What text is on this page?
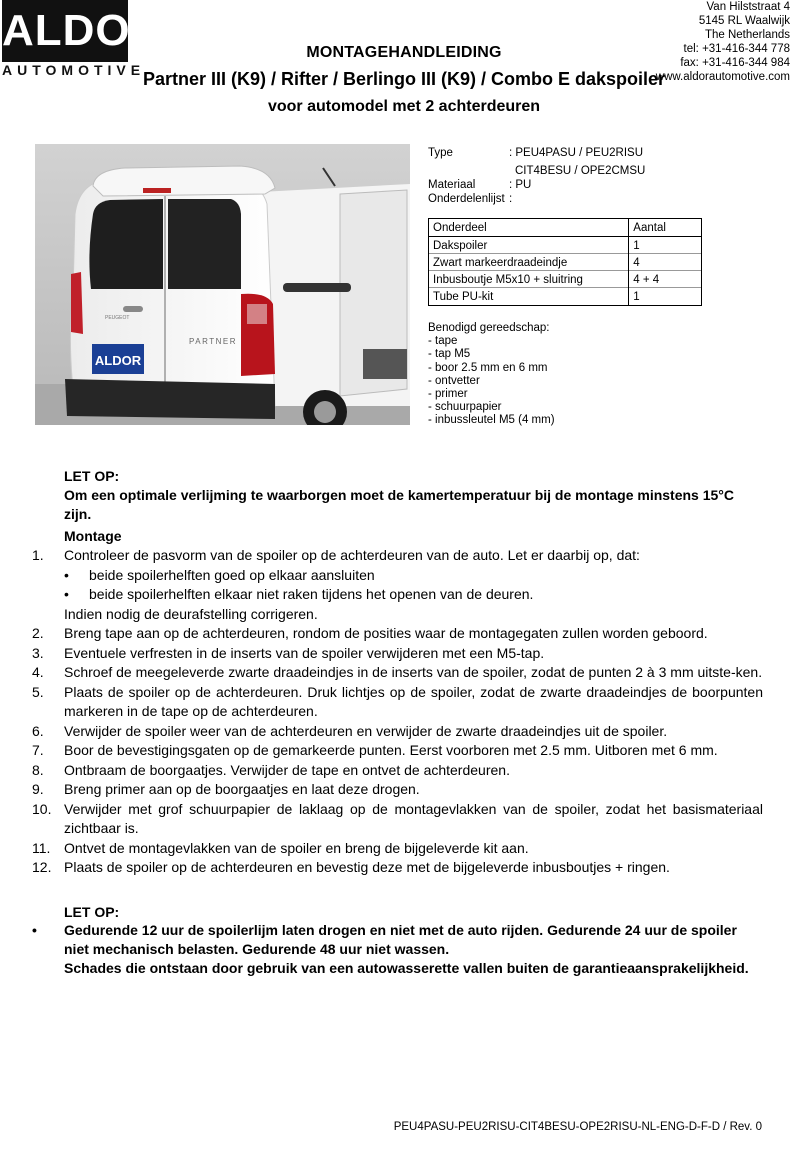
ALDOR
AUTOMOTIVE
Van Hilststraat 4
5145 RL Waalwijk
The Netherlands
tel: +31-416-344 778
fax: +31-416-344 984
www.aldorautomotive.com
MONTAGEHANDLEIDING
Partner III (K9) / Rifter / Berlingo III (K9) / Combo E dakspoiler
voor automodel met 2 achterdeuren
ALDOR
PARTNER
PEUGEOT
Type	: PEU4PASU / PEU2RISU
CIT4BESU / OPE2CMSU
Materiaal	: PU
Onderdelenlijst :
Onderdeel	Aantal
Dakspoiler	1
Zwart markeerdraadeindje	4
Inbusboutje M5x10 + sluitring	4 + 4
Tube PU-kit	1
Benodigd gereedschap:
- tape
- tap M5
- boor 2.5 mm en 6 mm
- ontvetter
- primer
- schuurpapier
- inbussleutel M5 (4 mm)
LET OP:
Om een optimale verlijming te waarborgen moet de kamertemperatuur bij de montage minstens 15°C zijn.
Montage
1.	Controleer de pasvorm van de spoiler op de achterdeuren van de auto. Let er daarbij op, dat:
• beide spoilerhelften goed op elkaar aansluiten
• beide spoilerhelften elkaar niet raken tijdens het openen van de deuren.
Indien nodig de deurafstelling corrigeren.
2.	Breng tape aan op de achterdeuren, rondom de posities waar de montagegaten zullen worden geboord.
3.	Eventuele verfresten in de inserts van de spoiler verwijderen met een M5-tap.
4.	Schroef de meegeleverde zwarte draadeindjes in de inserts van de spoiler, zodat de punten 2 à 3 mm uitste-ken.
5.	Plaats de spoiler op de achterdeuren. Druk lichtjes op de spoiler, zodat de zwarte draadeindjes de boorpunten markeren in de tape op de achterdeuren.
6.	Verwijder de spoiler weer van de achterdeuren en verwijder de zwarte draadeindjes uit de spoiler.
7.	Boor de bevestigingsgaten op de gemarkeerde punten. Eerst voorboren met 2.5 mm. Uitboren met 6 mm.
8.	Ontbraam de boorgaatjes. Verwijder de tape en ontvet de achterdeuren.
9.	Breng primer aan op de boorgaatjes en laat deze drogen.
10. Verwijder met grof schuurpapier de laklaag op de montagevlakken van de spoiler, zodat het basismateriaal zichtbaar is.
11. Ontvet de montagevlakken van de spoiler en breng de bijgeleverde kit aan.
12. Plaats de spoiler op de achterdeuren en bevestig deze met de bijgeleverde inbusboutjes + ringen.
LET OP:
• Gedurende 12 uur de spoilerlijm laten drogen en niet met de auto rijden. Gedurende 24 uur de spoiler niet mechanisch belasten. Gedurende 48 uur niet wassen.
Schades die ontstaan door gebruik van een autowasserette vallen buiten de garantieaansprakelijkheid.
PEU4PASU-PEU2RISU-CIT4BESU-OPE2RISU-NL-ENG-D-F-D / Rev. 0
